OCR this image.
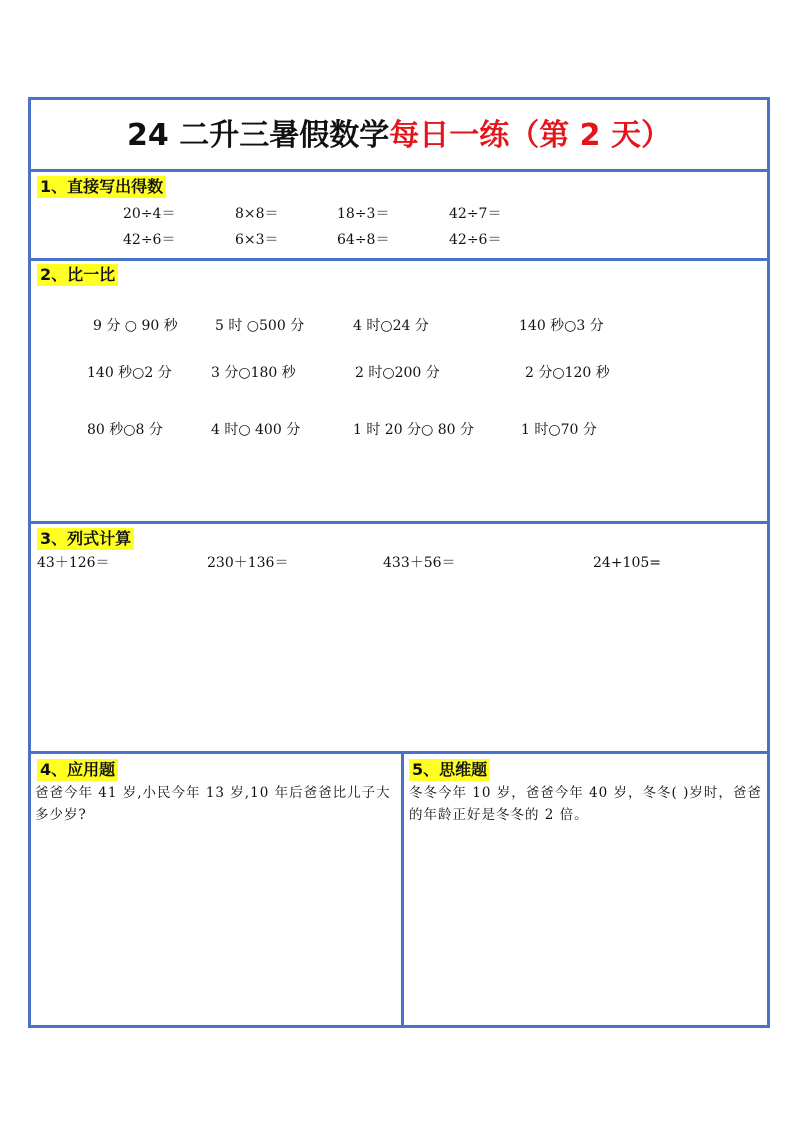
24 二升三暑假数学每日一练（第 2 天）
1、直接写出得数
20÷4＝	8×8＝	18÷3＝	42÷7＝
42÷6＝	6×3＝	64÷8＝	42÷6＝
2、比一比
9 分 ○ 90 秒	5 时 ○500 分	4 时○24 分	140 秒○3 分
140 秒○2 分	3 分○180 秒	2 时○200 分	2 分○120 秒
80 秒○8 分	4 时○ 400 分	1 时 20 分○ 80 分	1 时○70 分
3、列式计算
43＋126＝	230＋136＝	433＋56＝	24+105=
4、应用题
爸爸今年 41 岁,小民今年 13 岁,10 年后爸爸比儿子大多少岁?
5、思维题
冬冬今年 10 岁，爸爸今年 40 岁，冬冬( )岁时，爸爸的年龄正好是冬冬的 2 倍。
